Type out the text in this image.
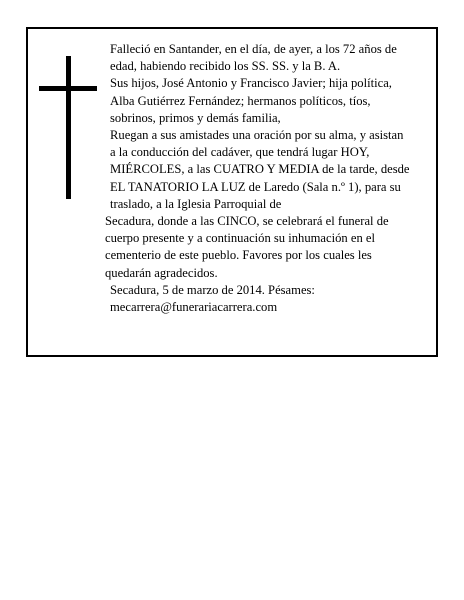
Falleció en Santander, en el día, de ayer, a los 72 años de edad, habiendo recibido los SS. SS. y la B. A.

Sus hijos, José Antonio y Francisco Javier; hija política, Alba Gutiérrez Fernández; hermanos políticos, tíos, sobrinos, primos y demás familia,

Ruegan a sus amistades una oración por su alma, y asistan a la conducción del cadáver, que tendrá lugar HOY, MIÉRCOLES, a las CUATRO Y MEDIA de la tarde, desde EL TANATORIO LA LUZ de Laredo (Sala n.º 1), para su traslado, a la Iglesia Parroquial de

Secadura, donde a las CINCO, se celebrará el funeral de cuerpo presente y a continuación su inhumación en el cementerio de este pueblo. Favores por los cuales les quedarán agradecidos.

Secadura, 5 de marzo de 2014. Pésames: mecarrera@funerariacarrera.com
